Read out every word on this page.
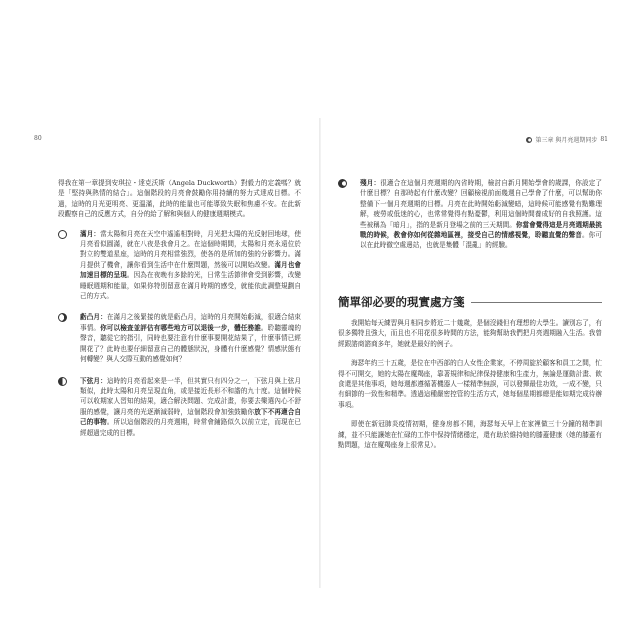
80	第三章 與月亮週期同步 81

得我在第一章提到安琪拉・達克沃斯（Angela Duckworth）對毅力的定義嗎？就是「堅持與熱情的結合」。這個階段的月亮會鼓勵你用持續的努力式達成目標。不過，這時的月光更明亮、更溫滿，此時的能量也可能導致失眠和焦慮不安。在此新段觀察自己的反應方式，自分的給了解和與個人的健康週期模式。

滿月：當太陽和月亮在天空中遙遙相對時，月光把太陽的光反射回地球，使月亮看似圓滿，就在八夜是我會月之。在這個時期間，太陽和月亮永遠位於對立的雙道星座，這時的月亮相當強烈，使各的是所加的強的分影響力。滿月提供了機會，讓你看到生活中在什麼問題，然後可以開始改變。滿月也會加速目標的呈現。因為在夜晚有多餘的光，日常生活節律會受到影響，改變睡眠週期和能量，如果你特別留意在滿月時期的感受，就能依此調整規劃自己的方式。

虧凸月：在滿月之後緊接的就是虧凸月，這時的月亮開始虧減，很適合結束事情。你可以檢查並評估有哪些地方可以退後一步，體任務誰。聆聽靈魂的聲音，聽從它的指引，同時也要注意有什麼事要開花結果了，什麼事情已經開花了？此時也要仔細留意自己的體態狀況，身體有什麼感覺？情感狀態有何轉變？與人交際互動的感覺如何？

下弦月：這時的月亮看起來是一半，但其實只有四分之一，下弦月與上弦月類似，此時太陽和月亮呈現直角，或是接近長形不和諧的九十度。這個時候可以收期家人習知的結果，適合解決問題、完成計畫，你要去樂選內心不舒服的感覺，讓月亮的光逐漸減弱時，這個階段會加強鼓勵你放下不再適合自己的事物。所以這個階段的月亮週期，時常會鋪路似久以前立定，而現在已經超過完成的目標。

殘月：很適合在這個月亮週期的內省時期，檢討自新月開始學會的歲課，你設定了什麼目標？自那時起有什麼改變？回顧檢視前面幾週自己學會了什麼，可以幫助你整備下一個月亮週期的目標。月亮在此時開始虧減變暗，這時候可能感覺有點難理解，疲勞或低迷的心，也常常覺得有點憂鬱，利用這個時間養成好的自我照護。這些被稱為「暗月」，指的是新月登場之前的三天期間。你當會覺得這是月亮週期最挑戰的時候，教會你如何從雜地區裡，接受自己的情感視覺，聆聽直覺的聲音。你可以在此時徹空處邊站，也就是集體「混亂」的經驗。

簡單卻必要的現實處方箋

我開始每天練習與月相同步將近二十幾歲，是個沒錢但有理想的大學生。讀別忘了，有很多獨特且強大，而且也不用花很多時間的方法，能夠幫助我們把月亮週期融入生活。我曾經跟諮商諮商多年，她就是最好的例子。

海瑟年約三十五歲，是位在中西部的白人女性企業家，不停周旋於顧客和員工之間，忙得不可開交，她的太陽在魔羯座，靠著規律和紀律保持健康和生產力，無論是運動計畫、飲食還是其他事項，她每週都遵循著機器人一樣精準無誤，可以發揮最佳功效，一成不變，只有細節的一致性和精準。透過這種嚴密控管的生活方式，她每個星期都總是能如期完成待辦事項。

即使在新冠肺炎疫情初期，健身房都不開，海瑟每天早上在家裡做三十分鐘的精準訓練，並不只能讓她在忙碌的工作中保持情緒穩定，還有助於維持她的膝蓋健康（她的膝蓋有點問題，這在魔羯座身上很常見）。
